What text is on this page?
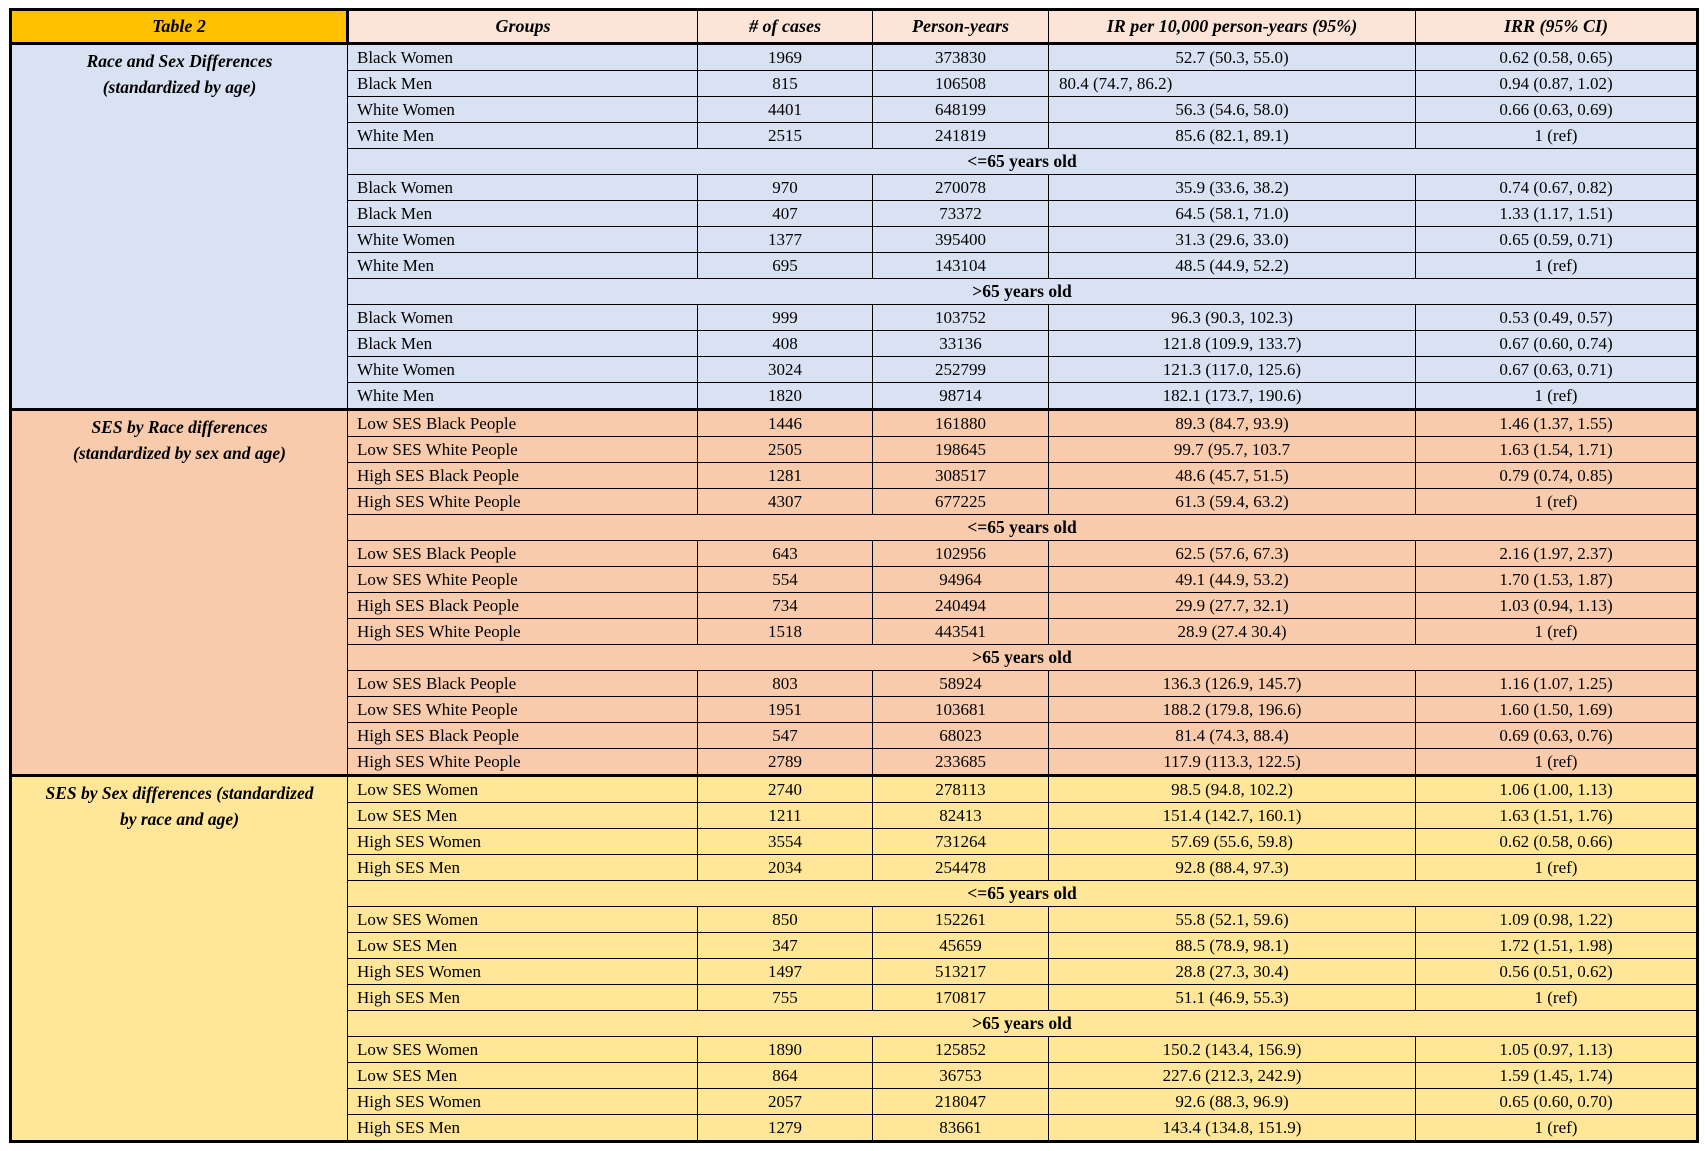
Table 2	Groups	# of cases	Person-years	IR per 10,000 person-years (95%)	IRR (95% CI)

Race and Sex Differences
(standardized by age)	Black Women	1969	373830	52.7 (50.3, 55.0)	0.62 (0.58, 0.65)
	Black Men	815	106508	80.4 (74.7, 86.2)	0.94 (0.87, 1.02)
	White Women	4401	648199	56.3 (54.6, 58.0)	0.66 (0.63, 0.69)
	White Men	2515	241819	85.6 (82.1, 89.1)	1 (ref)
	<=65 years old				
	Black Women	970	270078	35.9 (33.6, 38.2)	0.74 (0.67, 0.82)
	Black Men	407	73372	64.5 (58.1, 71.0)	1.33 (1.17, 1.51)
	White Women	1377	395400	31.3 (29.6, 33.0)	0.65 (0.59, 0.71)
	White Men	695	143104	48.5 (44.9, 52.2)	1 (ref)
	>65 years old				
	Black Women	999	103752	96.3 (90.3, 102.3)	0.53 (0.49, 0.57)
	Black Men	408	33136	121.8 (109.9, 133.7)	0.67 (0.60, 0.74)
	White Women	3024	252799	121.3 (117.0, 125.6)	0.67 (0.63, 0.71)
	White Men	1820	98714	182.1 (173.7, 190.6)	1 (ref)

SES by Race differences
(standardized by sex and age)	Low SES Black People	1446	161880	89.3 (84.7, 93.9)	1.46 (1.37, 1.55)
	Low SES White People	2505	198645	99.7 (95.7, 103.7	1.63 (1.54, 1.71)
	High SES Black People	1281	308517	48.6 (45.7, 51.5)	0.79 (0.74, 0.85)
	High SES White People	4307	677225	61.3 (59.4, 63.2)	1 (ref)
	<=65 years old				
	Low SES Black People	643	102956	62.5 (57.6, 67.3)	2.16 (1.97, 2.37)
	Low SES White People	554	94964	49.1 (44.9, 53.2)	1.70 (1.53, 1.87)
	High SES Black People	734	240494	29.9 (27.7, 32.1)	1.03 (0.94, 1.13)
	High SES White People	1518	443541	28.9 (27.4 30.4)	1 (ref)
	>65 years old				
	Low SES Black People	803	58924	136.3 (126.9, 145.7)	1.16 (1.07, 1.25)
	Low SES White People	1951	103681	188.2 (179.8, 196.6)	1.60 (1.50, 1.69)
	High SES Black People	547	68023	81.4 (74.3, 88.4)	0.69 (0.63, 0.76)
	High SES White People	2789	233685	117.9 (113.3, 122.5)	1 (ref)

SES by Sex differences (standardized
by race and age)	Low SES Women	2740	278113	98.5 (94.8, 102.2)	1.06 (1.00, 1.13)
	Low SES Men	1211	82413	151.4 (142.7, 160.1)	1.63 (1.51, 1.76)
	High SES Women	3554	731264	57.69 (55.6, 59.8)	0.62 (0.58, 0.66)
	High SES Men	2034	254478	92.8 (88.4, 97.3)	1 (ref)
	<=65 years old				
	Low SES Women	850	152261	55.8 (52.1, 59.6)	1.09 (0.98, 1.22)
	Low SES Men	347	45659	88.5 (78.9, 98.1)	1.72 (1.51, 1.98)
	High SES Women	1497	513217	28.8 (27.3, 30.4)	0.56 (0.51, 0.62)
	High SES Men	755	170817	51.1 (46.9, 55.3)	1 (ref)
	>65 years old				
	Low SES Women	1890	125852	150.2 (143.4, 156.9)	1.05 (0.97, 1.13)
	Low SES Men	864	36753	227.6 (212.3, 242.9)	1.59 (1.45, 1.74)
	High SES Women	2057	218047	92.6 (88.3, 96.9)	0.65 (0.60, 0.70)
	High SES Men	1279	83661	143.4 (134.8, 151.9)	1 (ref)
